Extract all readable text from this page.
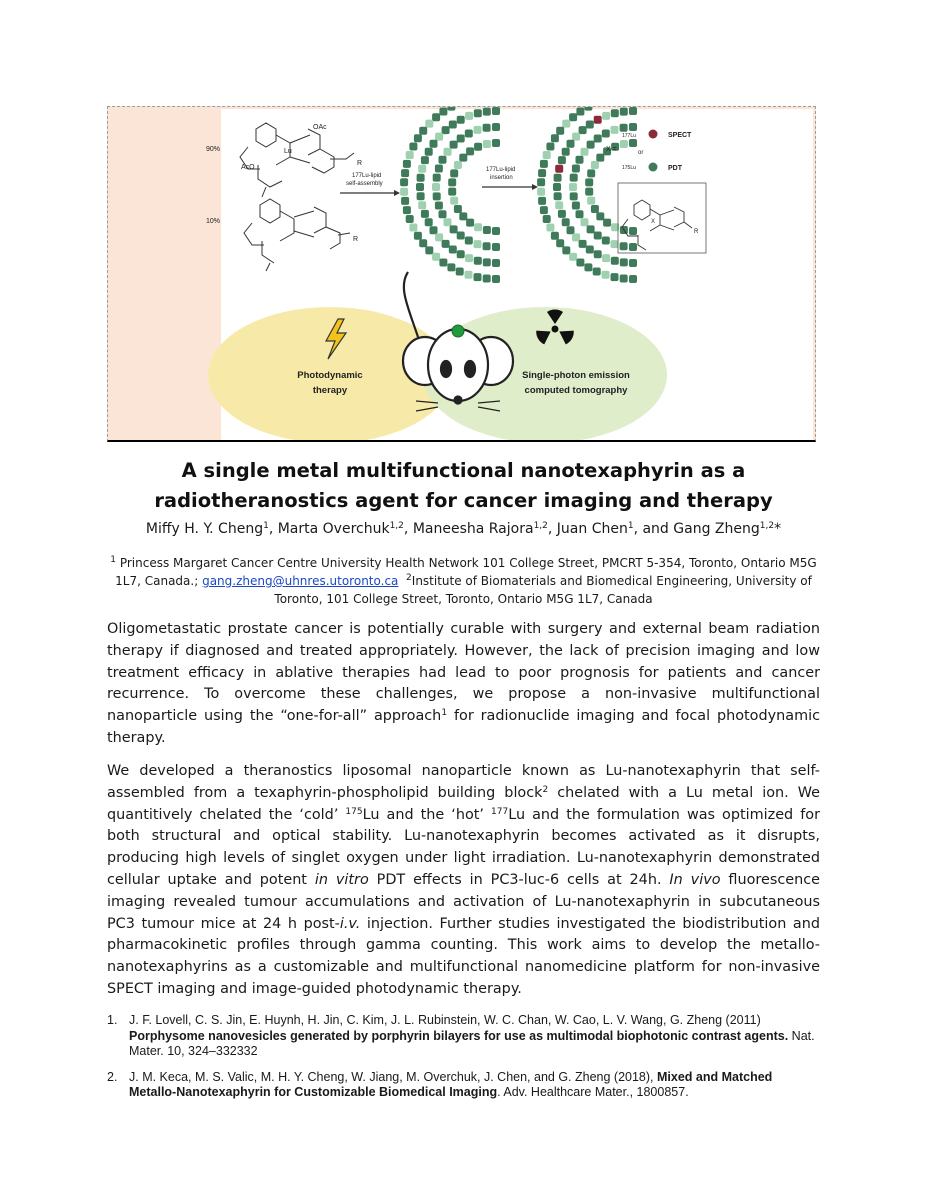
90%
OAc
Lu
AcO
R
10%
R
177Lu-lipid
self-assembly
177Lu-lipid
insertion
X =
177Lu	SPECT
or
175Lu	PDT
X
R
Photodynamic
therapy
Single-photon emission
computed tomography
A single metal multifunctional nanotexaphyrin as a radiotheranostics agent for cancer imaging and therapy
Miffy H. Y. Cheng$^1$, Marta Overchuk$^{1,2}$, Maneesha Rajora$^{1,2}$, Juan Chen$^1$, and Gang Zheng$^{1,2}$*
$^1$ Princess Margaret Cancer Centre University Health Network 101 College Street, PMCRT 5-354, Toronto, Ontario M5G 1L7, Canada.; gang.zheng@uhnres.utoronto.ca $^2$Institute of Biomaterials and Biomedical Engineering, University of Toronto, 101 College Street, Toronto, Ontario M5G 1L7, Canada

Oligometastatic prostate cancer is potentially curable with surgery and external beam radiation therapy if diagnosed and treated appropriately. However, the lack of precision imaging and low treatment efficacy in ablative therapies had lead to poor prognosis for patients and cancer recurrence. To overcome these challenges, we propose a non-invasive multifunctional nanoparticle using the “one-for-all” approach$^1$ for radionuclide imaging and focal photodynamic therapy.

We developed a theranostics liposomal nanoparticle known as Lu-nanotexaphyrin that self-assembled from a texaphyrin-phospholipid building block$^2$ chelated with a Lu metal ion. We quantitively chelated the ‘cold’ $^{175}$Lu and the ‘hot’ $^{177}$Lu and the formulation was optimized for both structural and optical stability. Lu-nanotexaphyrin becomes activated as it disrupts, producing high levels of singlet oxygen under light irradiation. Lu-nanotexaphyrin demonstrated cellular uptake and potent in vitro PDT effects in PC3-luc-6 cells at 24h. In vivo fluorescence imaging revealed tumour accumulations and activation of Lu-nanotexaphyrin in subcutaneous PC3 tumour mice at 24 h post-i.v. injection. Further studies investigated the biodistribution and pharmacokinetic profiles through gamma counting. This work aims to develop the metallo-nanotexaphyrins as a customizable and multifunctional nanomedicine platform for non-invasive SPECT imaging and image-guided photodynamic therapy.

1. J. F. Lovell, C. S. Jin, E. Huynh, H. Jin, C. Kim, J. L. Rubinstein, W. C. Chan, W. Cao, L. V. Wang, G. Zheng (2011) Porphysome nanovesicles generated by porphyrin bilayers for use as multimodal biophotonic contrast agents. Nat. Mater. 10, 324–332332
2. J. M. Keca, M. S. Valic, M. H. Y. Cheng, W. Jiang, M. Overchuk, J. Chen, and G. Zheng (2018), Mixed and Matched Metallo-Nanotexaphyrin for Customizable Biomedical Imaging. Adv. Healthcare Mater., 1800857.
